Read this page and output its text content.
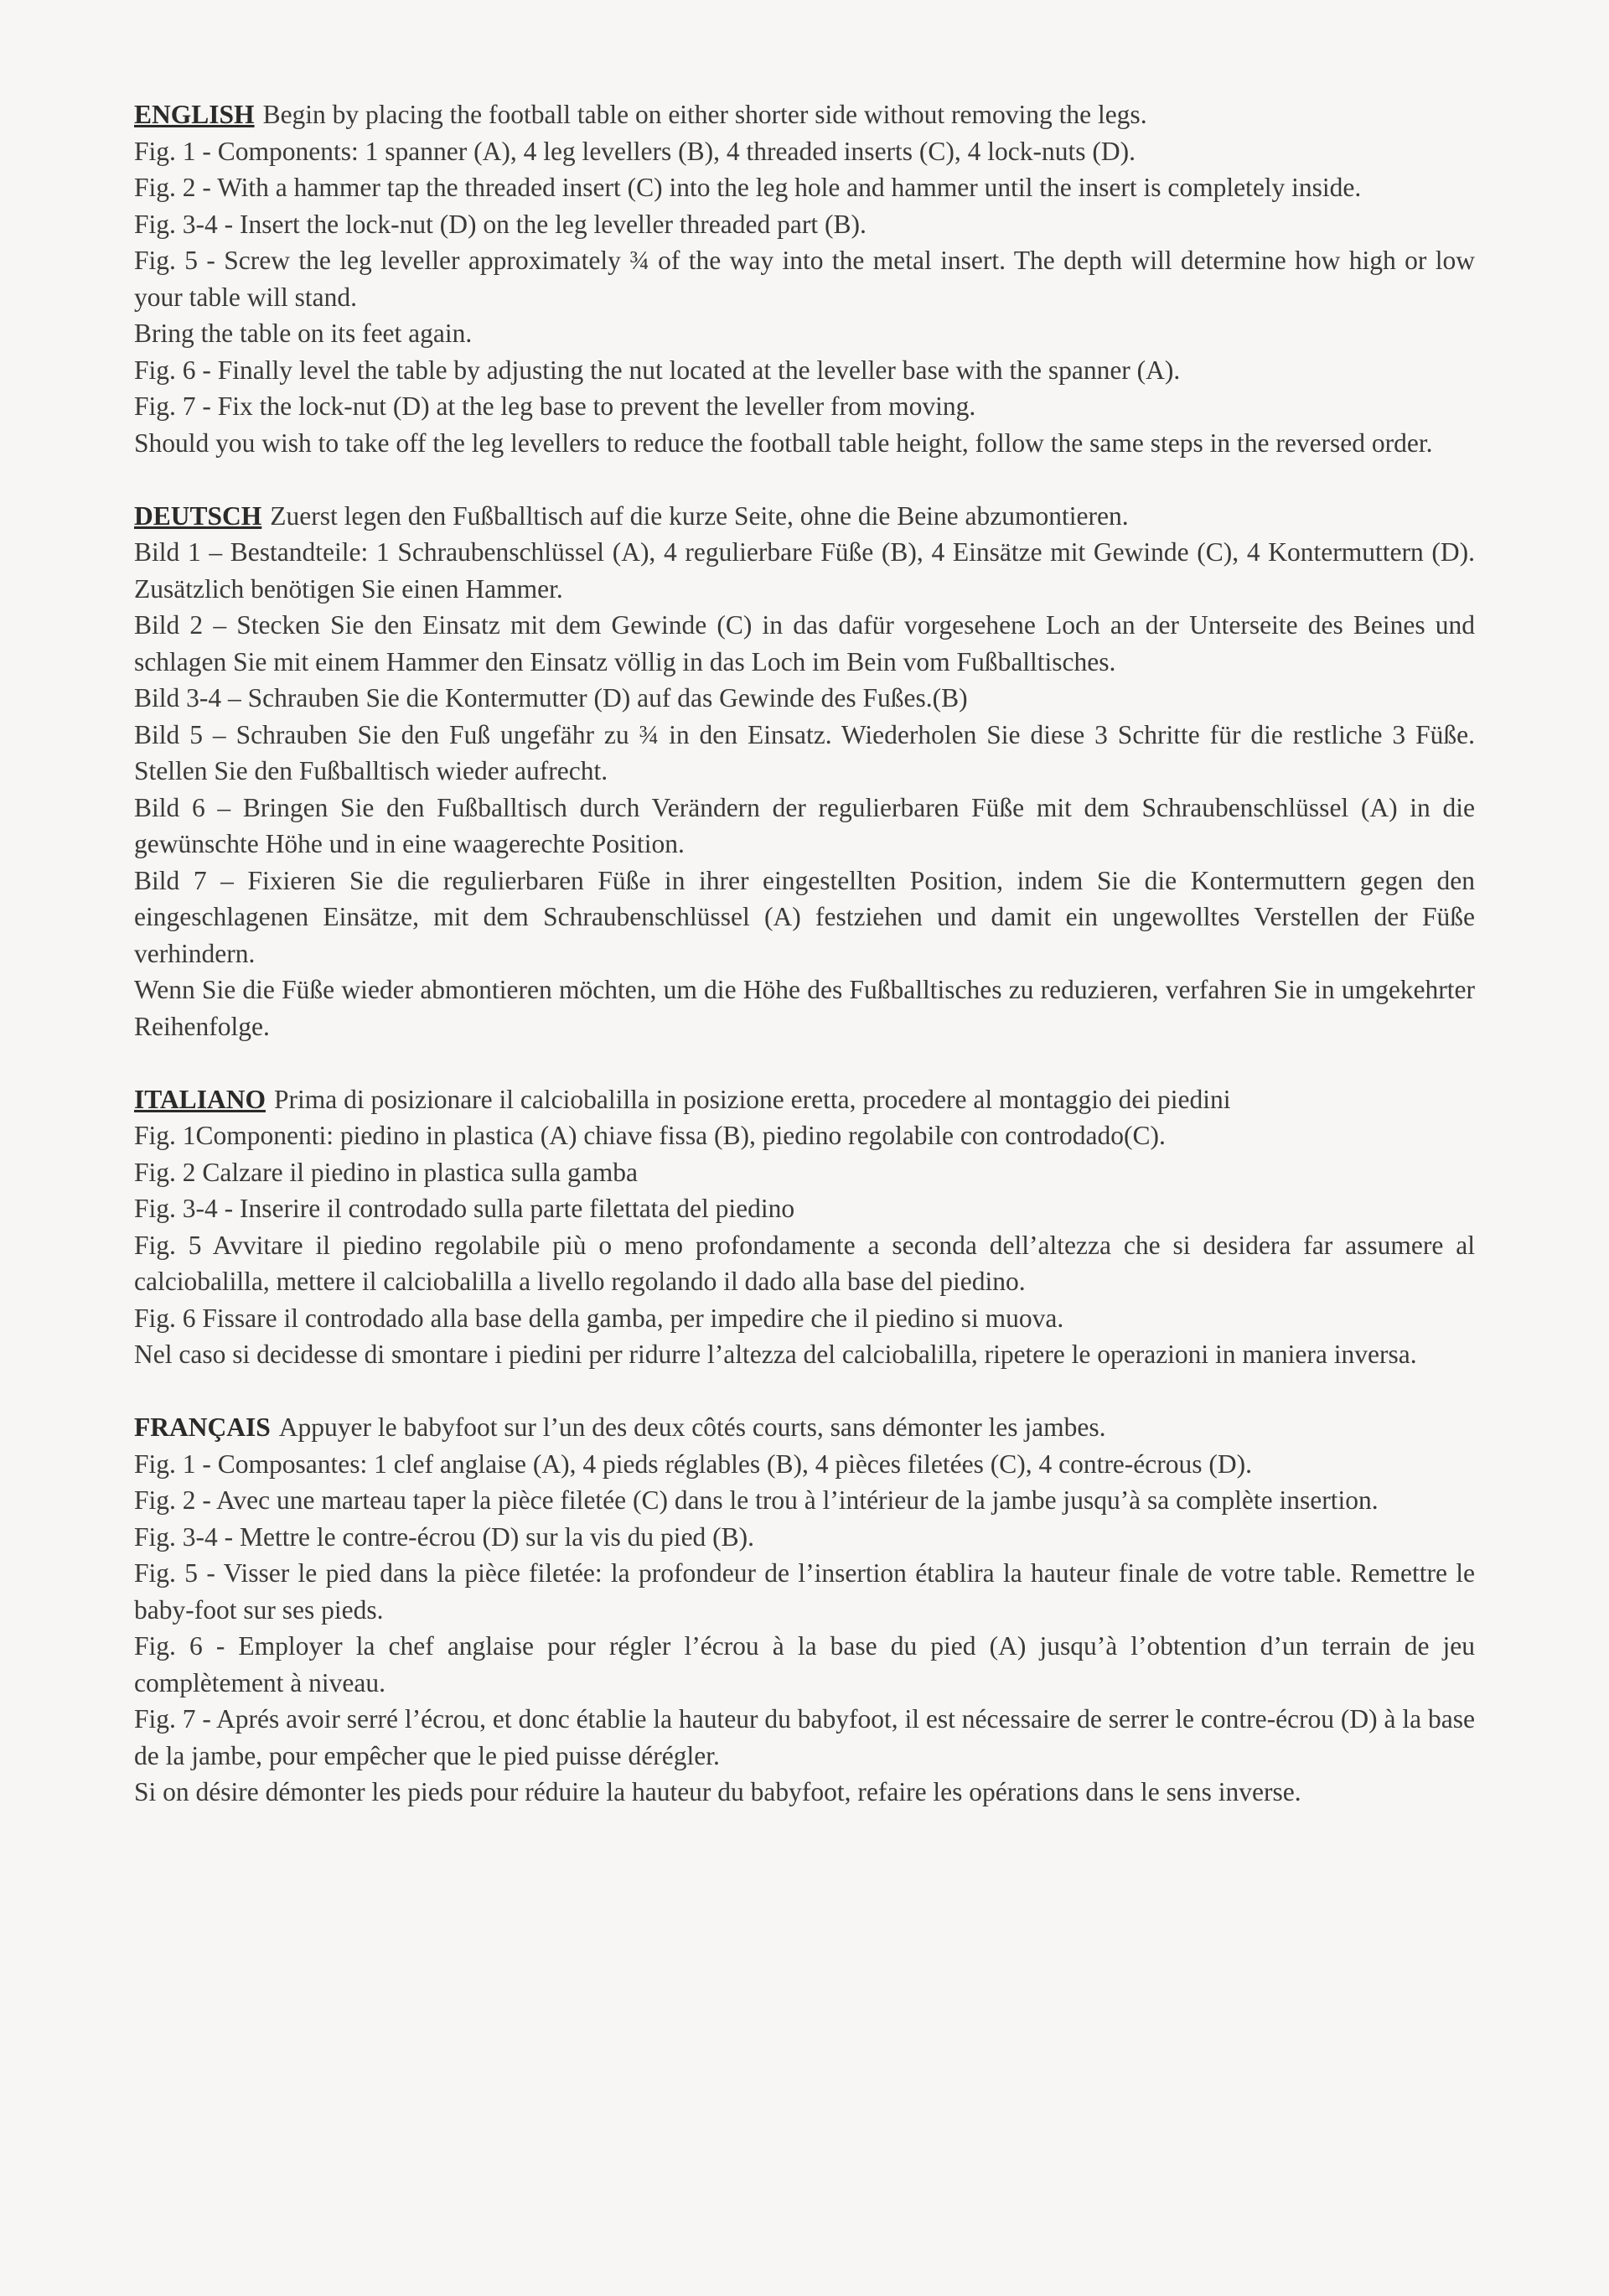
ENGLISH Begin by placing the football table on either shorter side without removing the legs.

Fig. 1 - Components: 1 spanner (A), 4 leg levellers (B), 4 threaded inserts (C), 4 lock-nuts (D).

Fig. 2 - With a hammer tap the threaded insert (C) into the leg hole and hammer until the insert is completely inside.

Fig. 3-4 - Insert the lock-nut (D) on the leg leveller threaded part (B).

Fig. 5 - Screw the leg leveller approximately ¾ of the way into the metal insert. The depth will determine how high or low your table will stand.

Bring the table on its feet again.

Fig. 6 - Finally level the table by adjusting the nut located at the leveller base with the spanner (A).

Fig. 7 - Fix the lock-nut (D) at the leg base to prevent the leveller from moving.

Should you wish to take off the leg levellers to reduce the football table height, follow the same steps in the reversed order.

DEUTSCH Zuerst legen den Fußballtisch auf die kurze Seite, ohne die Beine abzumontieren.

Bild 1 – Bestandteile: 1 Schraubenschlüssel (A), 4 regulierbare Füße (B), 4 Einsätze mit Gewinde (C), 4 Kontermuttern (D). Zusätzlich benötigen Sie einen Hammer.

Bild 2 – Stecken Sie den Einsatz mit dem Gewinde (C) in das dafür vorgesehene Loch an der Unterseite des Beines und schlagen Sie mit einem Hammer den Einsatz völlig in das Loch im Bein vom Fußballtisches.

Bild 3-4 – Schrauben Sie die Kontermutter (D) auf das Gewinde des Fußes.(B)

Bild 5 – Schrauben Sie den Fuß ungefähr zu ¾ in den Einsatz. Wiederholen Sie diese 3 Schritte für die restliche 3 Füße. Stellen Sie den Fußballtisch wieder aufrecht.

Bild 6 – Bringen Sie den Fußballtisch durch Verändern der regulierbaren Füße mit dem Schraubenschlüssel (A) in die gewünschte Höhe und in eine waagerechte Position.

Bild 7 – Fixieren Sie die regulierbaren Füße in ihrer eingestellten Position, indem Sie die Kontermuttern gegen den eingeschlagenen Einsätze, mit dem Schraubenschlüssel (A) festziehen und damit ein ungewolltes Verstellen der Füße verhindern.

Wenn Sie die Füße wieder abmontieren möchten, um die Höhe des Fußballtisches zu reduzieren, verfahren Sie in umgekehrter Reihenfolge.

ITALIANO Prima di posizionare il calciobalilla in posizione eretta, procedere al montaggio dei piedini

Fig. 1Componenti: piedino in plastica (A) chiave fissa (B), piedino regolabile con controdado(C).

Fig. 2 Calzare il piedino in plastica sulla gamba

Fig. 3-4 - Inserire il controdado sulla parte filettata del piedino

Fig. 5 Avvitare il piedino regolabile più o meno profondamente a seconda dell’altezza che si desidera far assumere al calciobalilla, mettere il calciobalilla a livello regolando il dado alla base del piedino.

Fig. 6 Fissare il controdado alla base della gamba, per impedire che il piedino si muova.

Nel caso si decidesse di smontare i piedini per ridurre l’altezza del calciobalilla, ripetere le operazioni in maniera inversa.

FRANÇAIS Appuyer le babyfoot sur l’un des deux côtés courts, sans démonter les jambes.

Fig. 1 - Composantes: 1 clef anglaise (A), 4 pieds réglables (B), 4 pièces filetées (C), 4 contre-écrous (D).

Fig. 2 - Avec une marteau taper la pièce filetée (C) dans le trou à l’intérieur de la jambe jusqu’à sa complète insertion.

Fig. 3-4 - Mettre le contre-écrou (D) sur la vis du pied (B).

Fig. 5 - Visser le pied dans la pièce filetée: la profondeur de l’insertion établira la hauteur finale de votre table. Remettre le baby-foot sur ses pieds.

Fig. 6 - Employer la chef anglaise pour régler l’écrou à la base du pied (A) jusqu’à l’obtention d’un terrain de jeu complètement à niveau.

Fig. 7 - Aprés avoir serré l’écrou, et donc établie la hauteur du babyfoot, il est nécessaire de serrer le contre-écrou (D) à la base de la jambe, pour empêcher que le pied puisse dérégler.

Si on désire démonter les pieds pour réduire la hauteur du babyfoot, refaire les opérations dans le sens inverse.
